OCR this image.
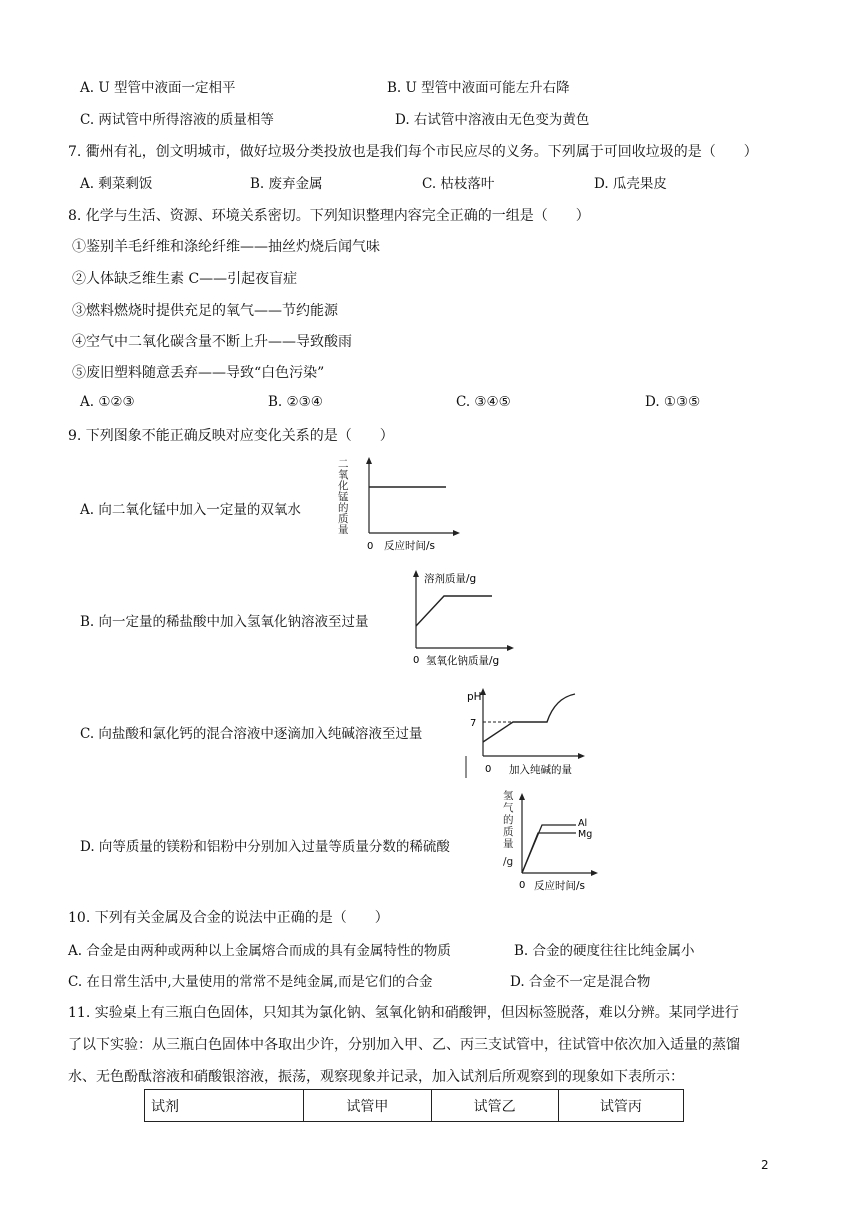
A. U 型管中液面一定相平	B. U 型管中液面可能左升右降
C. 两试管中所得溶液的质量相等	D. 右试管中溶液由无色变为黄色
7. 衢州有礼，创文明城市，做好垃圾分类投放也是我们每个市民应尽的义务。下列属于可回收垃圾的是（　　）
A. 剩菜剩饭	B. 废弃金属	C. 枯枝落叶	D. 瓜壳果皮
8. 化学与生活、资源、环境关系密切。下列知识整理内容完全正确的一组是（　　）
①鉴别羊毛纤维和涤纶纤维——抽丝灼烧后闻气味
②人体缺乏维生素 C——引起夜盲症
③燃料燃烧时提供充足的氧气——节约能源
④空气中二氧化碳含量不断上升——导致酸雨
⑤废旧塑料随意丢弃——导致“白色污染”
A. ①②③	B. ②③④	C. ③④⑤	D. ①③⑤
9. 下列图象不能正确反映对应变化关系的是（　　）
A. 向二氧化锰中加入一定量的双氧水
二
氧
化
锰
的
质
量
0 反应时间/s
B. 向一定量的稀盐酸中加入氢氧化钠溶液至过量
溶剂质量/g
0 氢氧化钠质量/g
C. 向盐酸和氯化钙的混合溶液中逐滴加入纯碱溶液至过量
pH
7
0 加入纯碱的量
D. 向等质量的镁粉和铝粉中分别加入过量等质量分数的稀硫酸
氢
气
的
质
量
/g
Al
Mg
0 反应时间/s
10. 下列有关金属及合金的说法中正确的是（　　）
A. 合金是由两种或两种以上金属熔合而成的具有金属特性的物质	B. 合金的硬度往往比纯金属小
C. 在日常生活中,大量使用的常常不是纯金属,而是它们的合金	D. 合金不一定是混合物
11. 实验桌上有三瓶白色固体，只知其为氯化钠、氢氧化钠和硝酸钾，但因标签脱落，难以分辨。某同学进行
了以下实验：从三瓶白色固体中各取出少许，分别加入甲、乙、丙三支试管中，往试管中依次加入适量的蒸馏
水、无色酚酞溶液和硝酸银溶液，振荡，观察现象并记录，加入试剂后所观察到的现象如下表所示：
试剂	试管甲	试管乙	试管丙
2
